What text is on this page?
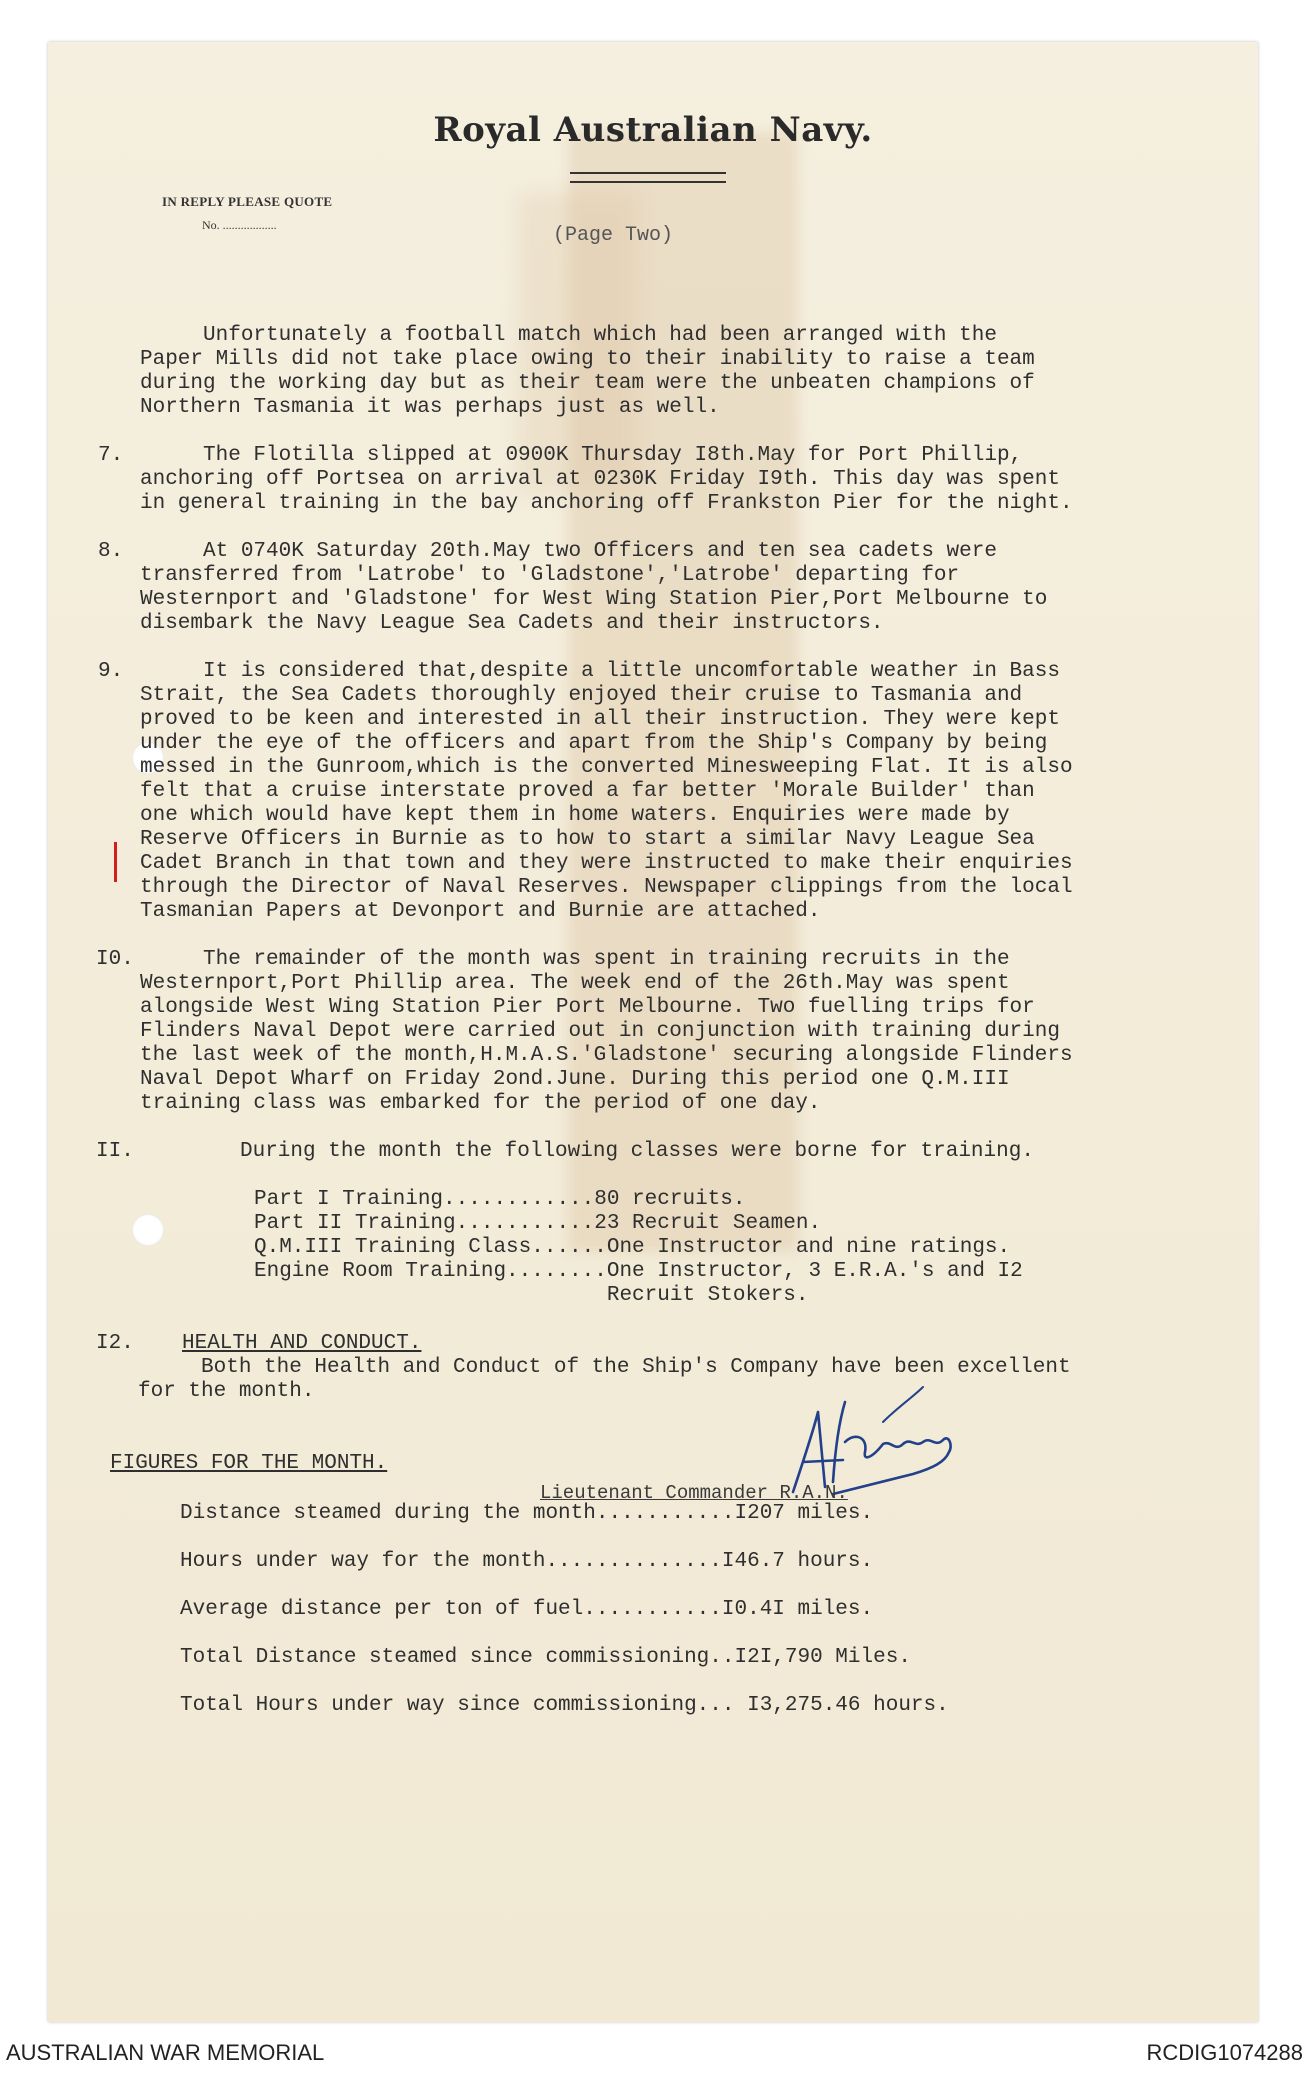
Royal Australian Navy.
IN REPLY PLEASE QUOTE
No. ..................	(Page Two)
Unfortunately a football match which had been arranged with the
Paper Mills did not take place owing to their inability to raise a team
during the working day but as their team were the unbeaten champions of
Northern Tasmania it was perhaps just as well.
7. The Flotilla slipped at 0900K Thursday I8th.May for Port Phillip,
anchoring off Portsea on arrival at 0230K Friday I9th. This day was spent
in general training in the bay anchoring off Frankston Pier for the night.
8. At 0740K Saturday 20th.May two Officers and ten sea cadets were
transferred from 'Latrobe' to 'Gladstone','Latrobe' departing for
Westernport and 'Gladstone' for West Wing Station Pier,Port Melbourne to
disembark the Navy League Sea Cadets and their instructors.
9. It is considered that,despite a little uncomfortable weather in Bass
Strait, the Sea Cadets thoroughly enjoyed their cruise to Tasmania and
proved to be keen and interested in all their instruction. They were kept
under the eye of the officers and apart from the Ship's Company by being
messed in the Gunroom,which is the converted Minesweeping Flat. It is also
felt that a cruise interstate proved a far better 'Morale Builder' than
one which would have kept them in home waters. Enquiries were made by
Reserve Officers in Burnie as to how to start a similar Navy League Sea
Cadet Branch in that town and they were instructed to make their enquiries
through the Director of Naval Reserves. Newspaper clippings from the local
Tasmanian Papers at Devonport and Burnie are attached.
I0. The remainder of the month was spent in training recruits in the
Westernport,Port Phillip area. The week end of the 26th.May was spent
alongside West Wing Station Pier Port Melbourne. Two fuelling trips for
Flinders Naval Depot were carried out in conjunction with training during
the last week of the month,H.M.A.S.'Gladstone' securing alongside Flinders
Naval Depot Wharf on Friday 2ond.June. During this period one Q.M.III
training class was embarked for the period of one day.
II.	During the month the following classes were borne for training.
Part I Training............80 recruits.
Part II Training...........23 Recruit Seamen.
Q.M.III Training Class......One Instructor and nine ratings.
Engine Room Training........One Instructor, 3 E.R.A.'s and I2
Recruit Stokers.
I2. HEALTH AND CONDUCT.
Both the Health and Conduct of the Ship's Company have been excellent
for the month.
FIGURES FOR THE MONTH.
Distance steamed during the month...........I207 miles.
Hours under way for the month..............I46.7 hours.
Average distance per ton of fuel...........I0.4I miles.
Total Distance steamed since commissioning..I2I,790 Miles.
Total Hours under way since commissioning... I3,275.46 hours.
Lieutenant Commander R.A.N.
AUSTRALIAN WAR MEMORIAL	RCDIG1074288
